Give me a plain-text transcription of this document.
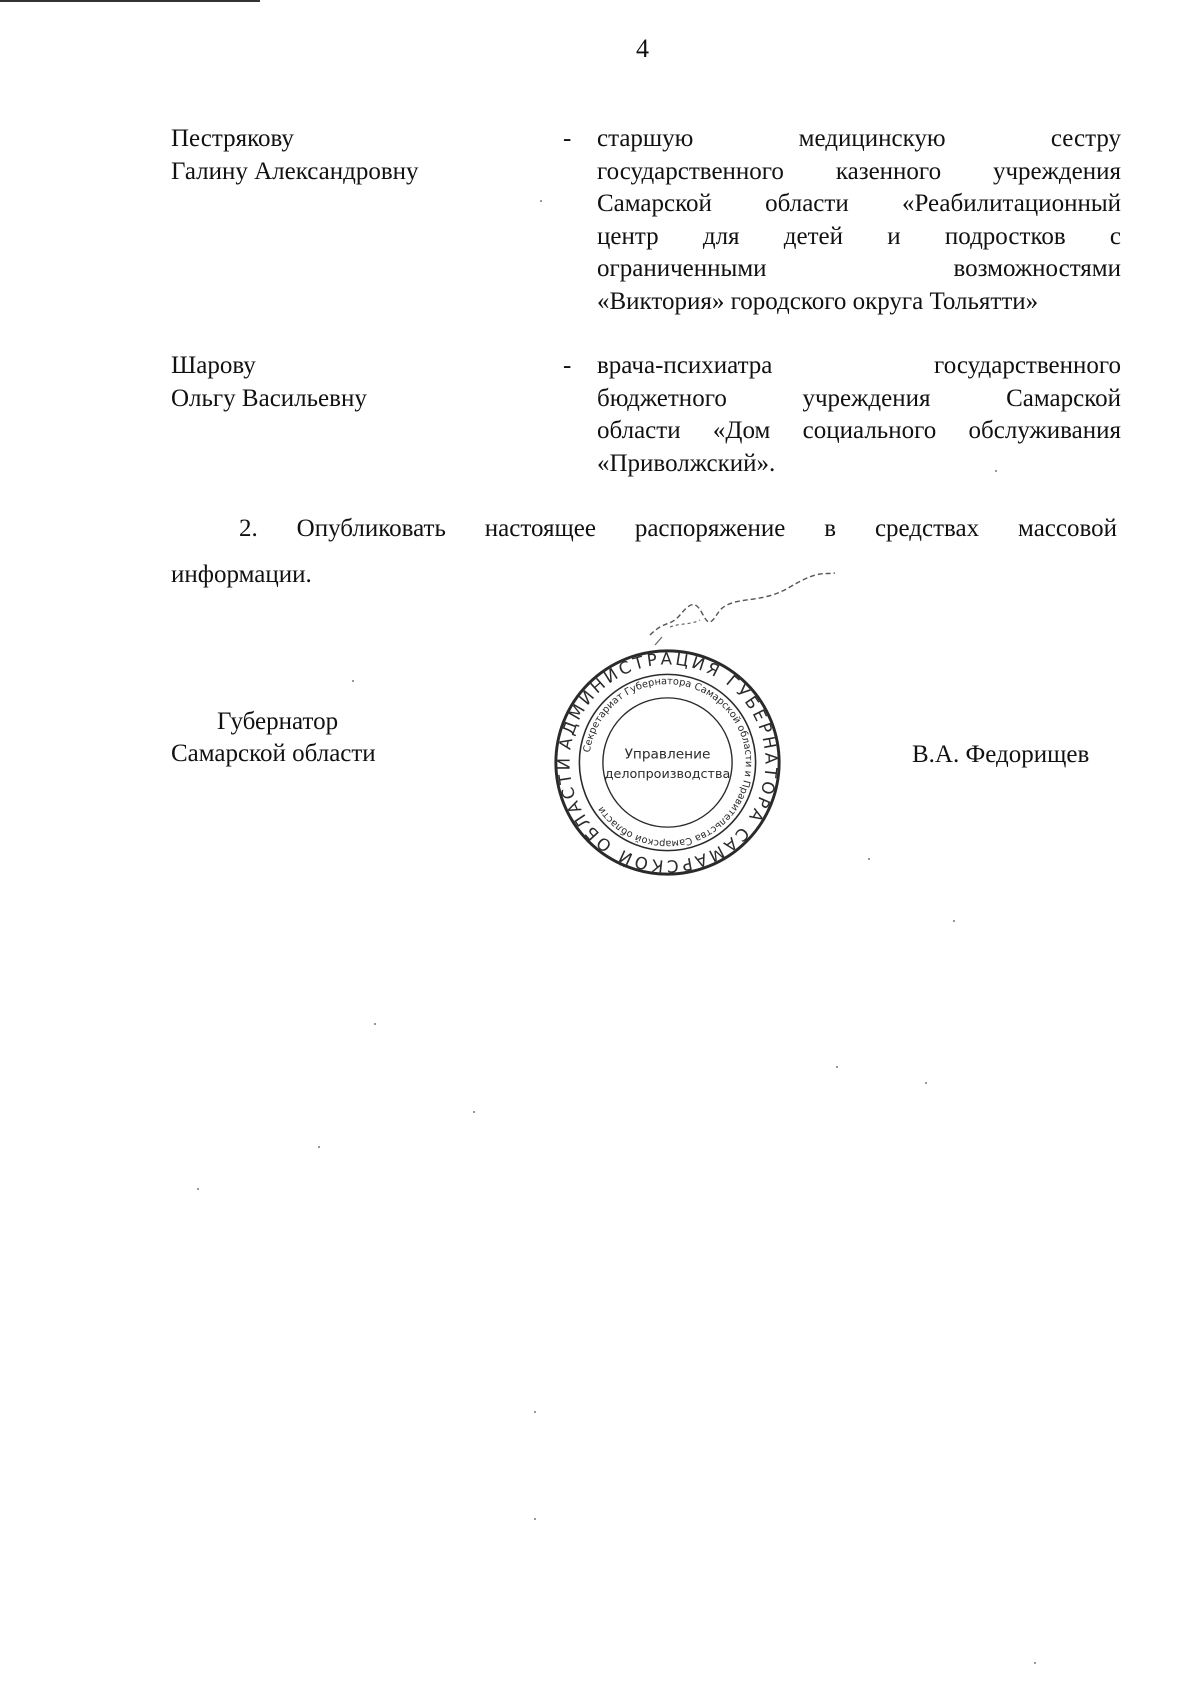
4
Пестрякову
Галину Александровну
- старшую медицинскую сестру
государственного казенного учреждения
Самарской области «Реабилитационный
центр для детей и подростков с
ограниченными возможностями
«Виктория» городского округа Тольятти»
Шарову
Ольгу Васильевну
- врача-психиатра государственного
бюджетного учреждения Самарской
области «Дом социального обслуживания
«Приволжский».
2. Опубликовать настоящее распоряжение в средствах массовой
информации.
Губернатор
Самарской области	АДМИНИСТРАЦИЯ ГУБЕРНАТОРА САМАРСКОЙ ОБЛАСТИ
Секретариат Губернатора Самарской области и Правительства Самарской области
Управление
делопроизводства
В.А. Федорищев
